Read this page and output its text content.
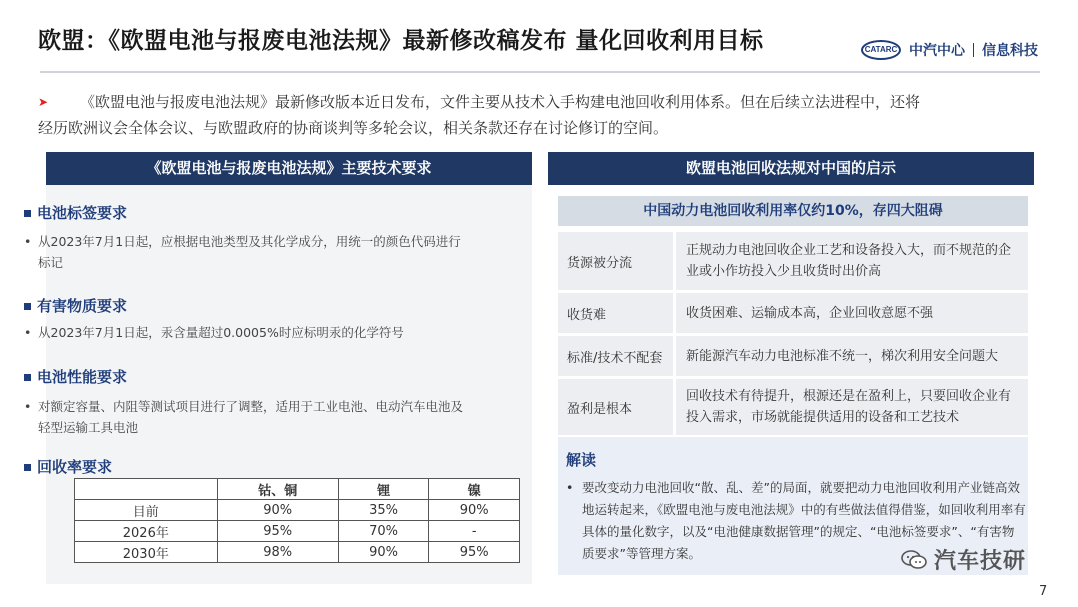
欧盟：《欧盟电池与报废电池法规》最新修改稿发布 量化回收利用目标	CATARC 中汽中心 信息科技
➤	《欧盟电池与报废电池法规》最新修改版本近日发布，文件主要从技术入手构建电池回收利用体系。但在后续立法进程中，还将
经历欧洲议会全体会议、与欧盟政府的协商谈判等多轮会议，相关条款还存在讨论修订的空间。
《欧盟电池与报废电池法规》主要技术要求
电池标签要求
• 从2023年7月1日起，应根据电池类型及其化学成分，用统一的颜色代码进行标记
有害物质要求
• 从2023年7月1日起，汞含量超过0.0005%时应标明汞的化学符号
电池性能要求
• 对额定容量、内阻等测试项目进行了调整，适用于工业电池、电动汽车电池及轻型运输工具电池
回收率要求
	钴、铜	锂	镍
目前	90%	35%	90%
2026年	95%	70%	-
2030年	98%	90%	95%
欧盟电池回收法规对中国的启示
中国动力电池回收利用率仅约10%，存四大阻碍
货源被分流	正规动力电池回收企业工艺和设备投入大，而不规范的企业或小作坊投入少且收货时出价高
收货难	收货困难、运输成本高，企业回收意愿不强
标准/技术不配套	新能源汽车动力电池标准不统一，梯次利用安全问题大
盈利是根本	回收技术有待提升，根源还是在盈利上，只要回收企业有投入需求，市场就能提供适用的设备和工艺技术
解读
• 要改变动力电池回收“散、乱、差”的局面，就要把动力电池回收利用产业链高效地运转起来，《欧盟电池与废电池法规》中的有些做法值得借鉴，如回收利用率有具体的量化数字，以及“电池健康数据管理”的规定、“电池标签要求”、“有害物质要求”等管理方案。	汽车技研
7
